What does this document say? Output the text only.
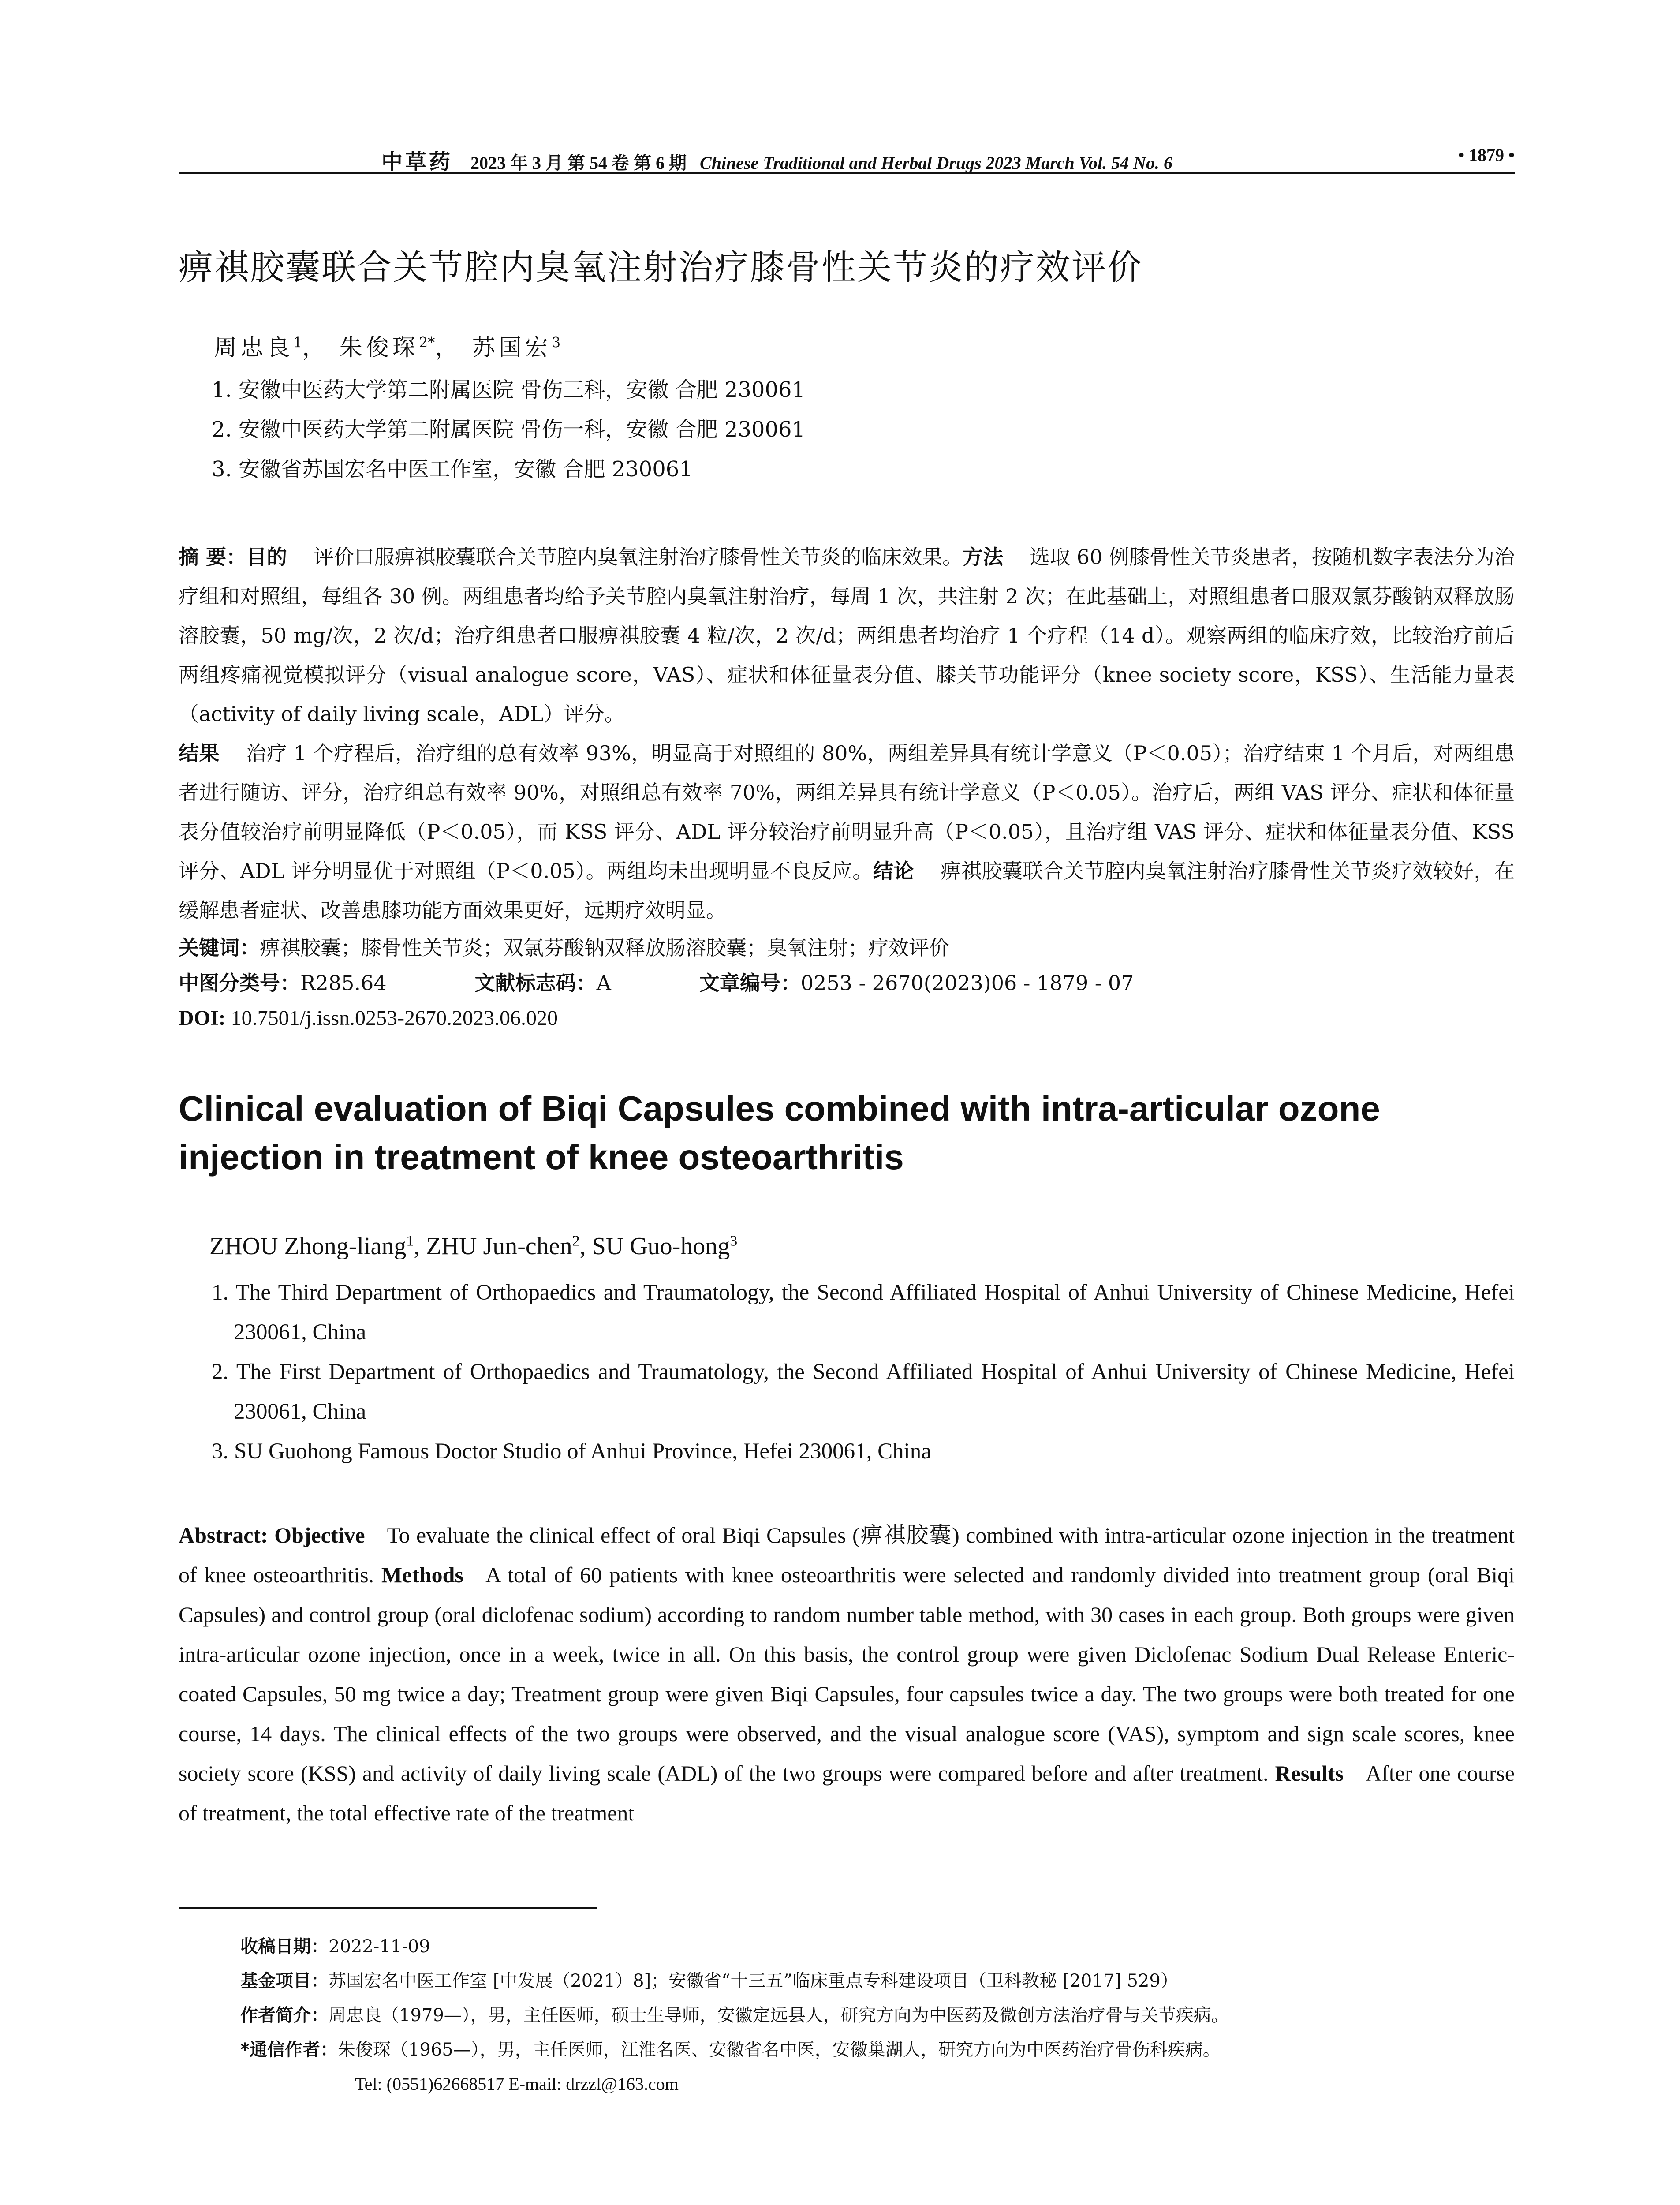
中草药 2023 年 3 月 第 54 卷 第 6 期 Chinese Traditional and Herbal Drugs 2023 March Vol. 54 No. 6	• 1879 •
痹祺胶囊联合关节腔内臭氧注射治疗膝骨性关节炎的疗效评价
周忠良$^1$， 朱俊琛$^{2*}$， 苏国宏$^3$
1. 安徽中医药大学第二附属医院 骨伤三科，安徽 合肥 230061
2. 安徽中医药大学第二附属医院 骨伤一科，安徽 合肥 230061
3. 安徽省苏国宏名中医工作室，安徽 合肥 230061
摘 要：目的 评价口服痹祺胶囊联合关节腔内臭氧注射治疗膝骨性关节炎的临床效果。方法 选取 60 例膝骨性关节炎患者，按随机数字表法分为治疗组和对照组，每组各 30 例。两组患者均给予关节腔内臭氧注射治疗，每周 1 次，共注射 2 次；在此基础上，对照组患者口服双氯芬酸钠双释放肠溶胶囊，50 mg/次，2 次/d；治疗组患者口服痹祺胶囊 4 粒/次，2 次/d；两组患者均治疗 1 个疗程（14 d）。观察两组的临床疗效，比较治疗前后两组疼痛视觉模拟评分（visual analogue score，VAS）、症状和体征量表分值、膝关节功能评分（knee society score，KSS）、生活能力量表（activity of daily living scale，ADL）评分。
结果 治疗 1 个疗程后，治疗组的总有效率 93%，明显高于对照组的 80%，两组差异具有统计学意义（P＜0.05）；治疗结束 1 个月后，对两组患者进行随访、评分，治疗组总有效率 90%，对照组总有效率 70%，两组差异具有统计学意义（P＜0.05）。治疗后，两组 VAS 评分、症状和体征量表分值较治疗前明显降低（P＜0.05），而 KSS 评分、ADL 评分较治疗前明显升高（P＜0.05），且治疗组 VAS 评分、症状和体征量表分值、KSS 评分、ADL 评分明显优于对照组（P＜0.05）。两组均未出现明显不良反应。结论 痹祺胶囊联合关节腔内臭氧注射治疗膝骨性关节炎疗效较好，在缓解患者症状、改善患膝功能方面效果更好，远期疗效明显。
关键词：痹祺胶囊；膝骨性关节炎；双氯芬酸钠双释放肠溶胶囊；臭氧注射；疗效评价
中图分类号：R285.64	文献标志码：A	文章编号：0253 - 2670(2023)06 - 1879 - 07
DOI: 10.7501/j.issn.0253-2670.2023.06.020
Clinical evaluation of Biqi Capsules combined with intra-articular ozone
injection in treatment of knee osteoarthritis
ZHOU Zhong-liang$^1$, ZHU Jun-chen$^2$, SU Guo-hong$^3$
1. The Third Department of Orthopaedics and Traumatology, the Second Affiliated Hospital of Anhui University of Chinese Medicine, Hefei 230061, China
2. The First Department of Orthopaedics and Traumatology, the Second Affiliated Hospital of Anhui University of Chinese Medicine, Hefei 230061, China
3. SU Guohong Famous Doctor Studio of Anhui Province, Hefei 230061, China
Abstract: Objective To evaluate the clinical effect of oral Biqi Capsules (痹祺胶囊) combined with intra-articular ozone injection in the treatment of knee osteoarthritis. Methods A total of 60 patients with knee osteoarthritis were selected and randomly divided into treatment group (oral Biqi Capsules) and control group (oral diclofenac sodium) according to random number table method, with 30 cases in each group. Both groups were given intra-articular ozone injection, once in a week, twice in all. On this basis, the control group were given Diclofenac Sodium Dual Release Enteric-coated Capsules, 50 mg twice a day; Treatment group were given Biqi Capsules, four capsules twice a day. The two groups were both treated for one course, 14 days. The clinical effects of the two groups were observed, and the visual analogue score (VAS), symptom and sign scale scores, knee society score (KSS) and activity of daily living scale (ADL) of the two groups were compared before and after treatment. Results After one course of treatment, the total effective rate of the treatment
收稿日期：2022-11-09
基金项目：苏国宏名中医工作室 [中发展（2021）8]；安徽省“十三五”临床重点专科建设项目（卫科教秘 [2017] 529）
作者简介：周忠良（1979—），男，主任医师，硕士生导师，安徽定远县人，研究方向为中医药及微创方法治疗骨与关节疾病。
*通信作者：朱俊琛（1965—），男，主任医师，江淮名医、安徽省名中医，安徽巢湖人，研究方向为中医药治疗骨伤科疾病。
Tel: (0551)62668517 E-mail: drzzl@163.com
